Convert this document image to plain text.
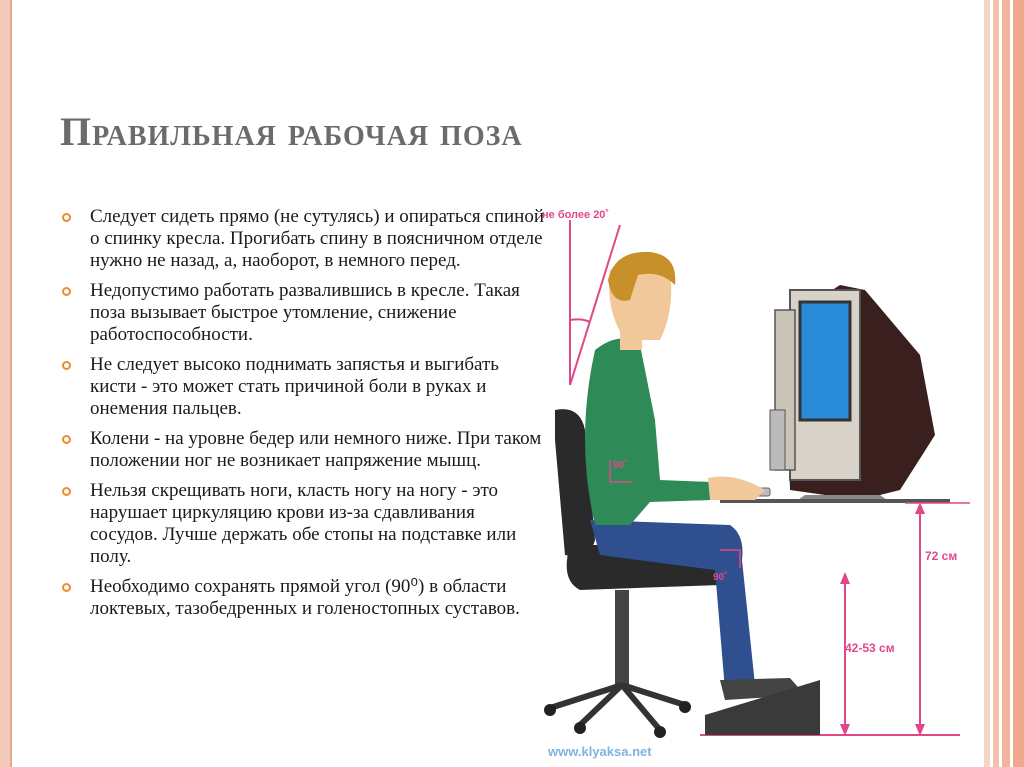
Правильная рабочая поза
Следует сидеть прямо (не сутулясь) и опираться спиной о спинку кресла. Прогибать спину в поясничном отделе нужно не назад, а, наоборот, в немного перед.
Недопустимо работать развалившись в кресле. Такая поза вызывает быстрое утомление, снижение работоспособности.
Не следует высоко поднимать запястья и выгибать кисти - это может стать причиной боли в руках и онемения пальцев.
Колени - на уровне бедер или немного ниже. При таком положении ног не возникает напряжение мышц.
Нельзя скрещивать ноги, класть ногу на ногу - это нарушает циркуляцию крови из-за сдавливания сосудов. Лучше держать обе стопы на подставке или полу.
Необходимо сохранять прямой угол (90⁰) в области локтевых, тазобедренных и голеностопных суставов.
не более 20˚
72 см
42-53 см
90˚
90˚
www.klyaksa.net
